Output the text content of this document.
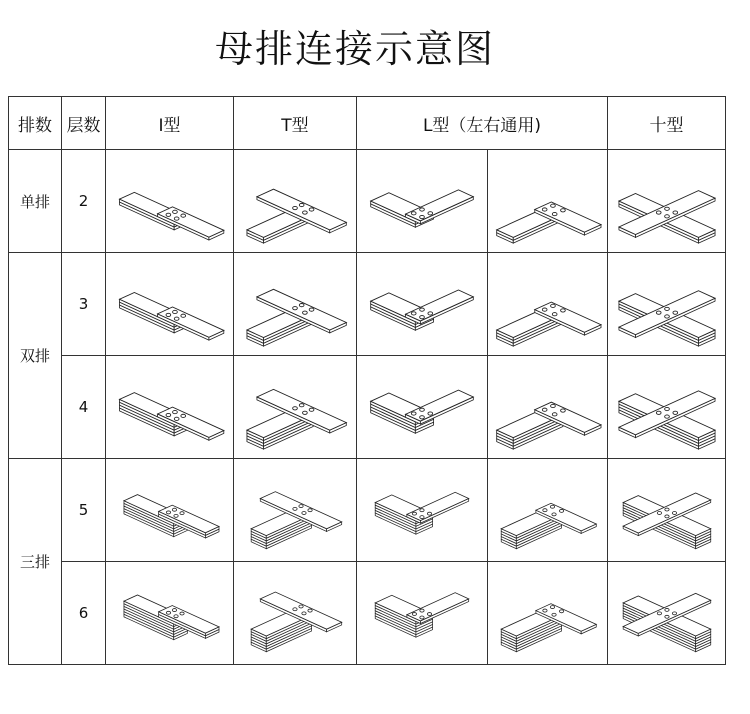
母排连接示意图
排数	层数	I型	T型	L型（左右通用)		十型
单排	2	

双排	3	

	4	

三排	5	

	6	
